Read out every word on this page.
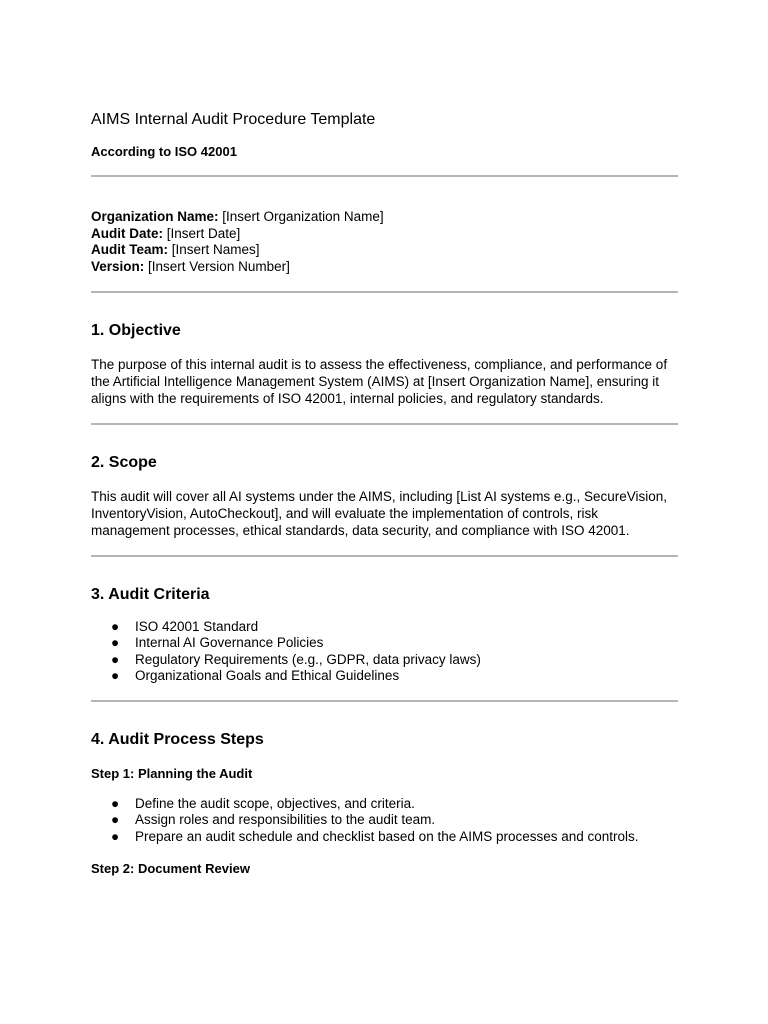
AIMS Internal Audit Procedure Template

According to ISO 42001

Organization Name: [Insert Organization Name]

Audit Date: [Insert Date]

Audit Team: [Insert Names]

Version: [Insert Version Number]

1. Objective

The purpose of this internal audit is to assess the effectiveness, compliance, and performance of the Artificial Intelligence Management System (AIMS) at [Insert Organization Name], ensuring it aligns with the requirements of ISO 42001, internal policies, and regulatory standards.

2. Scope

This audit will cover all AI systems under the AIMS, including [List AI systems e.g., SecureVision, InventoryVision, AutoCheckout], and will evaluate the implementation of controls, risk management processes, ethical standards, data security, and compliance with ISO 42001.

3. Audit Criteria
● ISO 42001 Standard
● Internal AI Governance Policies
● Regulatory Requirements (e.g., GDPR, data privacy laws)
● Organizational Goals and Ethical Guidelines
4. Audit Process Steps

Step 1: Planning the Audit

● Define the audit scope, objectives, and criteria.
● Assign roles and responsibilities to the audit team.
● Prepare an audit schedule and checklist based on the AIMS processes and controls.

Step 2: Document Review
